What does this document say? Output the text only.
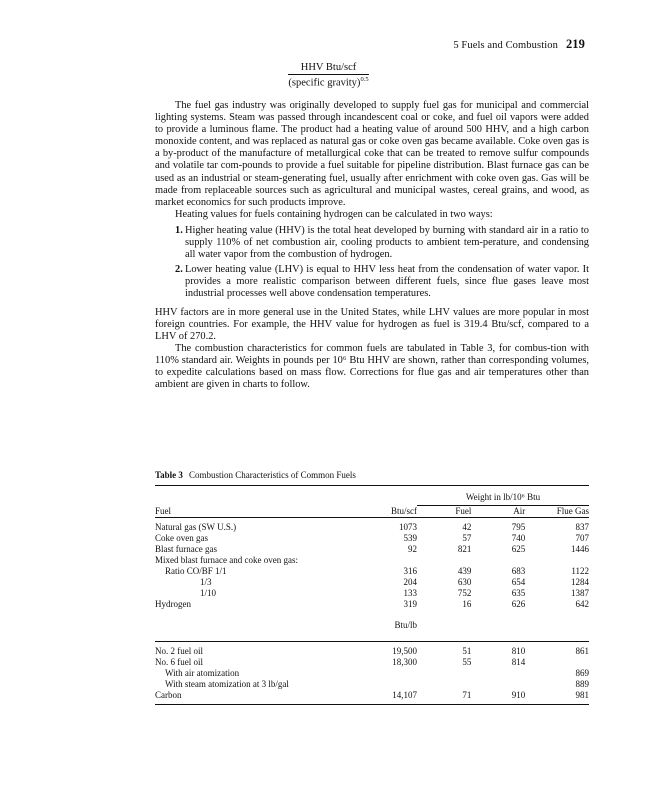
5 Fuels and Combustion 219
$\frac{\text{HHV Btu/scf}}{(specific gravity)^{0.5}}$

The fuel gas industry was originally developed to supply fuel gas for municipal and commercial lighting systems. Steam was passed through incandescent coal or coke, and fuel oil vapors were added to provide a luminous flame. The product had a heating value of around 500 HHV, and a high carbon monoxide content, and was replaced as natural gas or coke oven gas became available. Coke oven gas is a by-product of the manufacture of metallurgical coke that can be treated to remove sulfur compounds and volatile tar com-pounds to provide a fuel suitable for pipeline distribution. Blast furnace gas can be used as an industrial or steam-generating fuel, usually after enrichment with coke oven gas. Gas will be made from replaceable sources such as agricultural and municipal wastes, cereal grains, and wood, as market economics for such products improve.

Heating values for fuels containing hydrogen can be calculated in two ways:

1. Higher heating value (HHV) is the total heat developed by burning with standard air in a ratio to supply 110% of net combustion air, cooling products to ambient tem-perature, and condensing all water vapor from the combustion of hydrogen.
2. Lower heating value (LHV) is equal to HHV less heat from the condensation of water vapor. It provides a more realistic comparison between different fuels, since flue gases leave most industrial processes well above condensation temperatures.

HHV factors are in more general use in the United States, while LHV values are more popular in most foreign countries. For example, the HHV value for hydrogen as fuel is 319.4 Btu/scf, compared to a LHV of 270.2.

The combustion characteristics for common fuels are tabulated in Table 3, for combus-tion with 110% standard air. Weights in pounds per 10⁶ Btu HHV are shown, rather than corresponding volumes, to expedite calculations based on mass flow. Corrections for flue gas and air temperatures other than ambient are given in charts to follow.

Table 3 Combustion Characteristics of Common Fuels
		Weight in lb/10⁶ Btu		
Fuel	Btu/scf	Fuel	Air	Flue Gas

Natural gas (SW U.S.)	1073	42	795	837
Coke oven gas	539	57	740	707
Blast furnace gas	92	821	625	1446
Mixed blast furnace and coke oven gas:				
Ratio CO/BF 1/1	316	439	683	1122
1/3	204	630	654	1284
1/10	133	752	635	1387
Hydrogen	319	16	626	642
	Btu/lb			

No. 2 fuel oil	19,500	51	810	861
No. 6 fuel oil	18,300	55	814	
With air atomization				869
With steam atomization at 3 lb/gal				889
Carbon	14,107	71	910	981
